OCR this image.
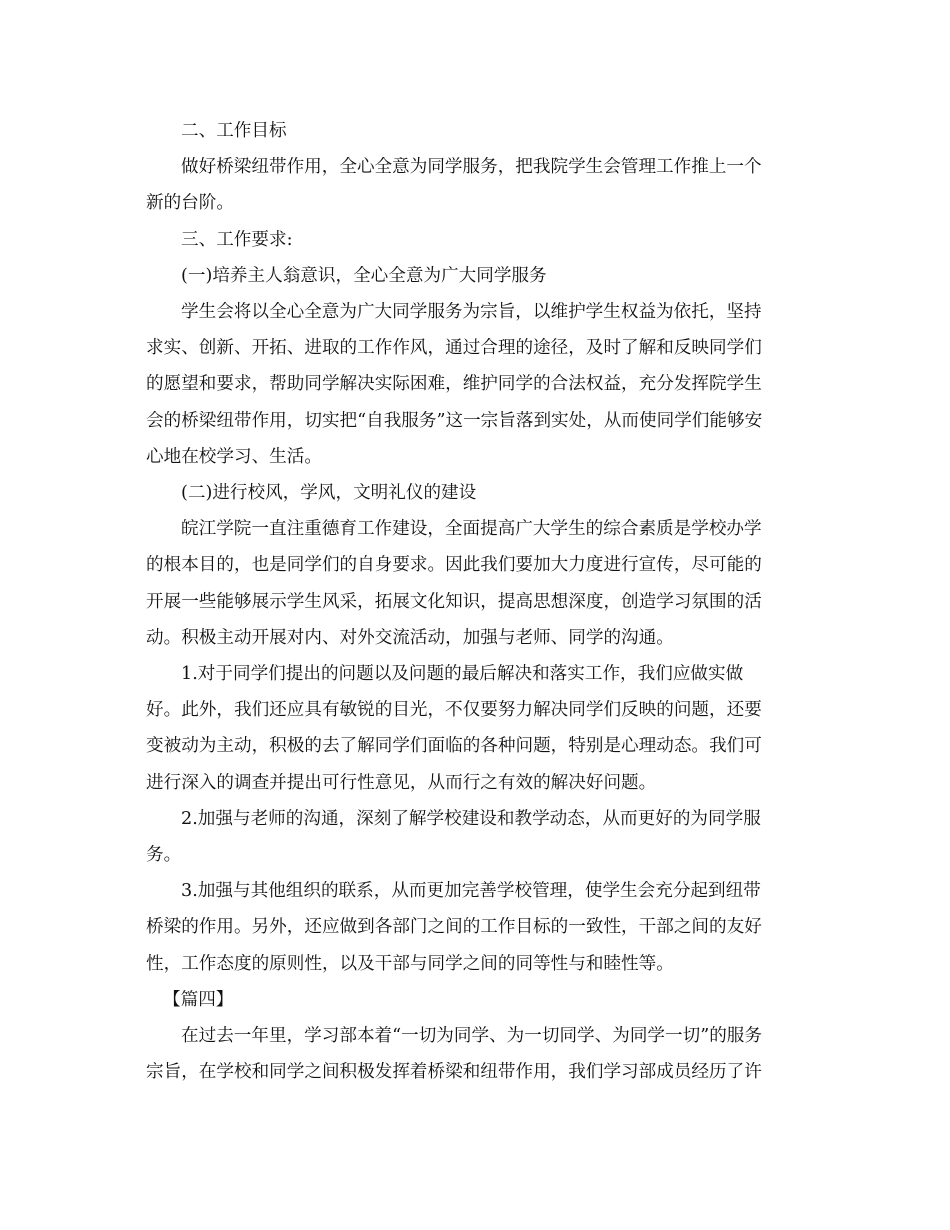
二、工作目标

做好桥梁纽带作用，全心全意为同学服务，把我院学生会管理工作推上一个
新的台阶。

三、工作要求:

(一)培养主人翁意识，全心全意为广大同学服务

学生会将以全心全意为广大同学服务为宗旨，以维护学生权益为依托，坚持
求实、创新、开拓、进取的工作作风，通过合理的途径，及时了解和反映同学们
的愿望和要求，帮助同学解决实际困难，维护同学的合法权益，充分发挥院学生
会的桥梁纽带作用，切实把“自我服务”这一宗旨落到实处，从而使同学们能够安
心地在校学习、生活。

(二)进行校风，学风，文明礼仪的建设

皖江学院一直注重德育工作建设，全面提高广大学生的综合素质是学校办学
的根本目的，也是同学们的自身要求。因此我们要加大力度进行宣传，尽可能的
开展一些能够展示学生风采，拓展文化知识，提高思想深度，创造学习氛围的活
动。积极主动开展对内、对外交流活动，加强与老师、同学的沟通。
1.对于同学们提出的问题以及问题的最后解决和落实工作，我们应做实做
好。此外，我们还应具有敏锐的目光，不仅要努力解决同学们反映的问题，还要
变被动为主动，积极的去了解同学们面临的各种问题，特别是心理动态。我们可
进行深入的调查并提出可行性意见，从而行之有效的解决好问题。
2.加强与老师的沟通，深刻了解学校建设和教学动态，从而更好的为同学服
务。
3.加强与其他组织的联系，从而更加完善学校管理，使学生会充分起到纽带
桥梁的作用。另外，还应做到各部门之间的工作目标的一致性，干部之间的友好
性，工作态度的原则性，以及干部与同学之间的同等性与和睦性等。

【篇四】

在过去一年里，学习部本着“一切为同学、为一切同学、为同学一切”的服务
宗旨，在学校和同学之间积极发挥着桥梁和纽带作用，我们学习部成员经历了许
